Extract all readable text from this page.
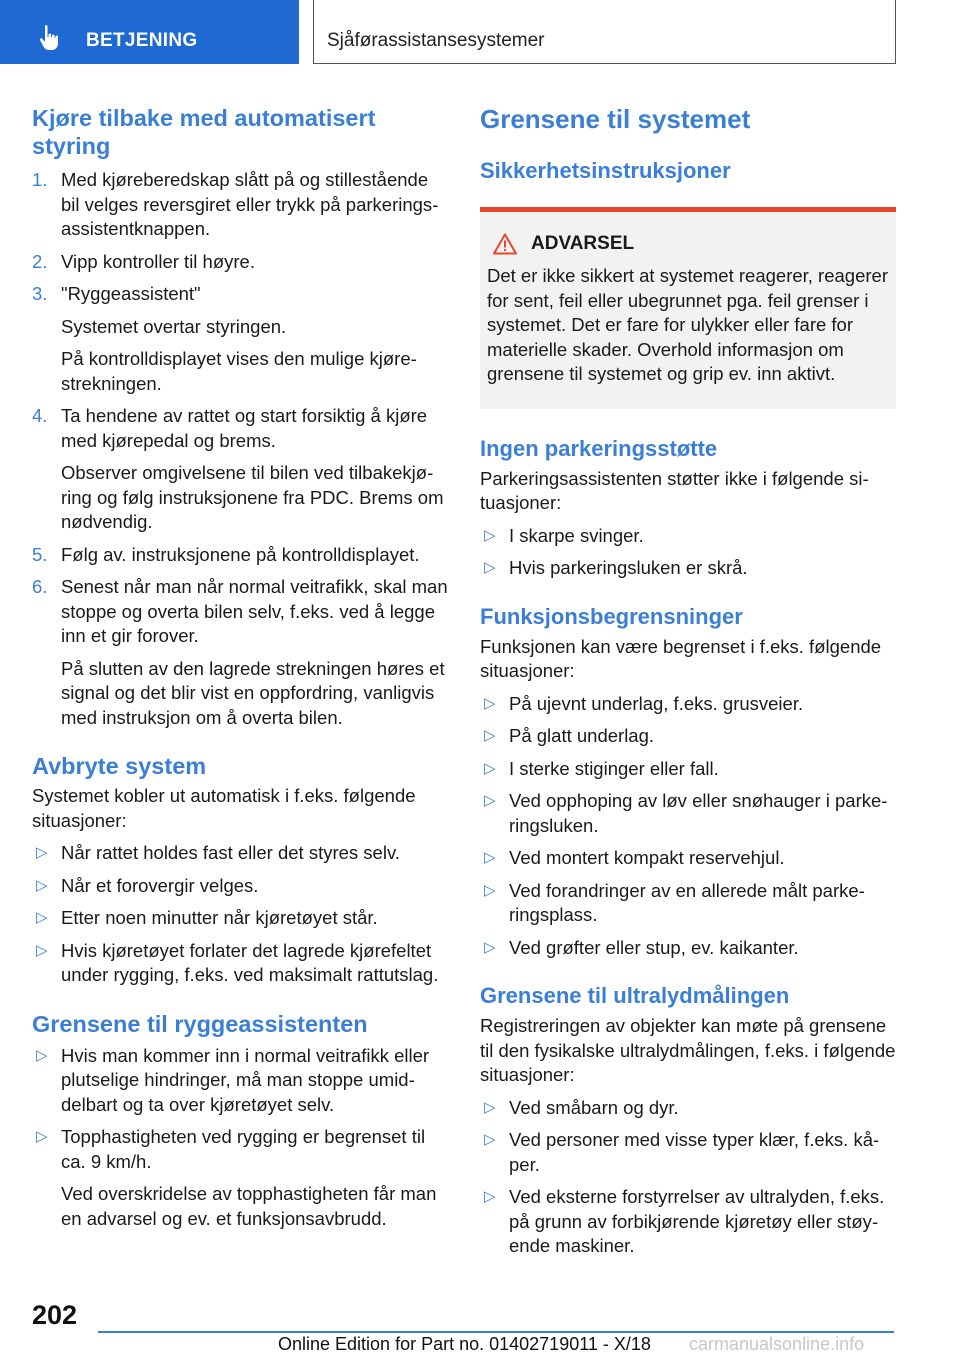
BETJENING	Sjåførassistansesystemer
Kjøre tilbake med automatisert styring
1. Med kjøreberedskap slått på og stillestående bil velges reversgiret eller trykk på parkeringsassistentknappen.

2. Vipp kontroller til høyre.

3. "Ryggeassistent"

Systemet overtar styringen.

På kontrolldisplayet vises den mulige kjørestrekningen.

4. Ta hendene av rattet og start forsiktig å kjøre med kjørepedal og brems.

Observer omgivelsene til bilen ved tilbakekjøring og følg instruksjonene fra PDC. Brems om nødvendig.

5. Følg av. instruksjonene på kontrolldisplayet.

6. Senest når man når normal veitrafikk, skal man stoppe og overta bilen selv, f.eks. ved å legge inn et gir forover.

På slutten av den lagrede strekningen høres et signal og det blir vist en oppfordring, vanligvis med instruksjon om å overta bilen.

Avbryte system

Systemet kobler ut automatisk i f.eks. følgende situasjoner:

▷ Når rattet holdes fast eller det styres selv.

▷ Når et forovergir velges.

▷ Etter noen minutter når kjøretøyet står.

▷ Hvis kjøretøyet forlater det lagrede kjørefeltet under rygging, f.eks. ved maksimalt rattutslag.

Grensene til ryggeassistenten
▷ Hvis man kommer inn i normal veitrafikk eller plutselige hindringer, må man stoppe umiddelbart og ta over kjøretøyet selv.

▷ Topphastigheten ved rygging er begrenset til ca. 9 km/h.

Ved overskridelse av topphastigheten får man en advarsel og ev. et funksjonsavbrudd.

Grensene til systemet
Sikkerhetsinstruksjoner
ADVARSEL

Det er ikke sikkert at systemet reagerer, reagerer for sent, feil eller ubegrunnet pga. feil grenser i systemet. Det er fare for ulykker eller fare for materielle skader. Overhold informasjon om grensene til systemet og grip ev. inn aktivt.

Ingen parkeringsstøtte

Parkeringsassistenten støtter ikke i følgende situasjoner:

▷ I skarpe svinger.

▷ Hvis parkeringsluken er skrå.

Funksjonsbegrensninger

Funksjonen kan være begrenset i f.eks. følgende situasjoner:

▷ På ujevnt underlag, f.eks. grusveier.

▷ På glatt underlag.

▷ I sterke stiginger eller fall.

▷ Ved opphoping av løv eller snøhauger i parkeringsluken.

▷ Ved montert kompakt reservehjul.

▷ Ved forandringer av en allerede målt parkeringsplass.

▷ Ved grøfter eller stup, ev. kaikanter.

Grensene til ultralydmålingen

Registreringen av objekter kan møte på grensene til den fysikalske ultralydmålingen, f.eks. i følgende situasjoner:

▷ Ved småbarn og dyr.

▷ Ved personer med visse typer klær, f.eks. kåper.

▷ Ved eksterne forstyrrelser av ultralyden, f.eks. på grunn av forbikjørende kjøretøy eller støyende maskiner.

202
Online Edition for Part no. 01402719011 - X/18 carmanualsonline.info
